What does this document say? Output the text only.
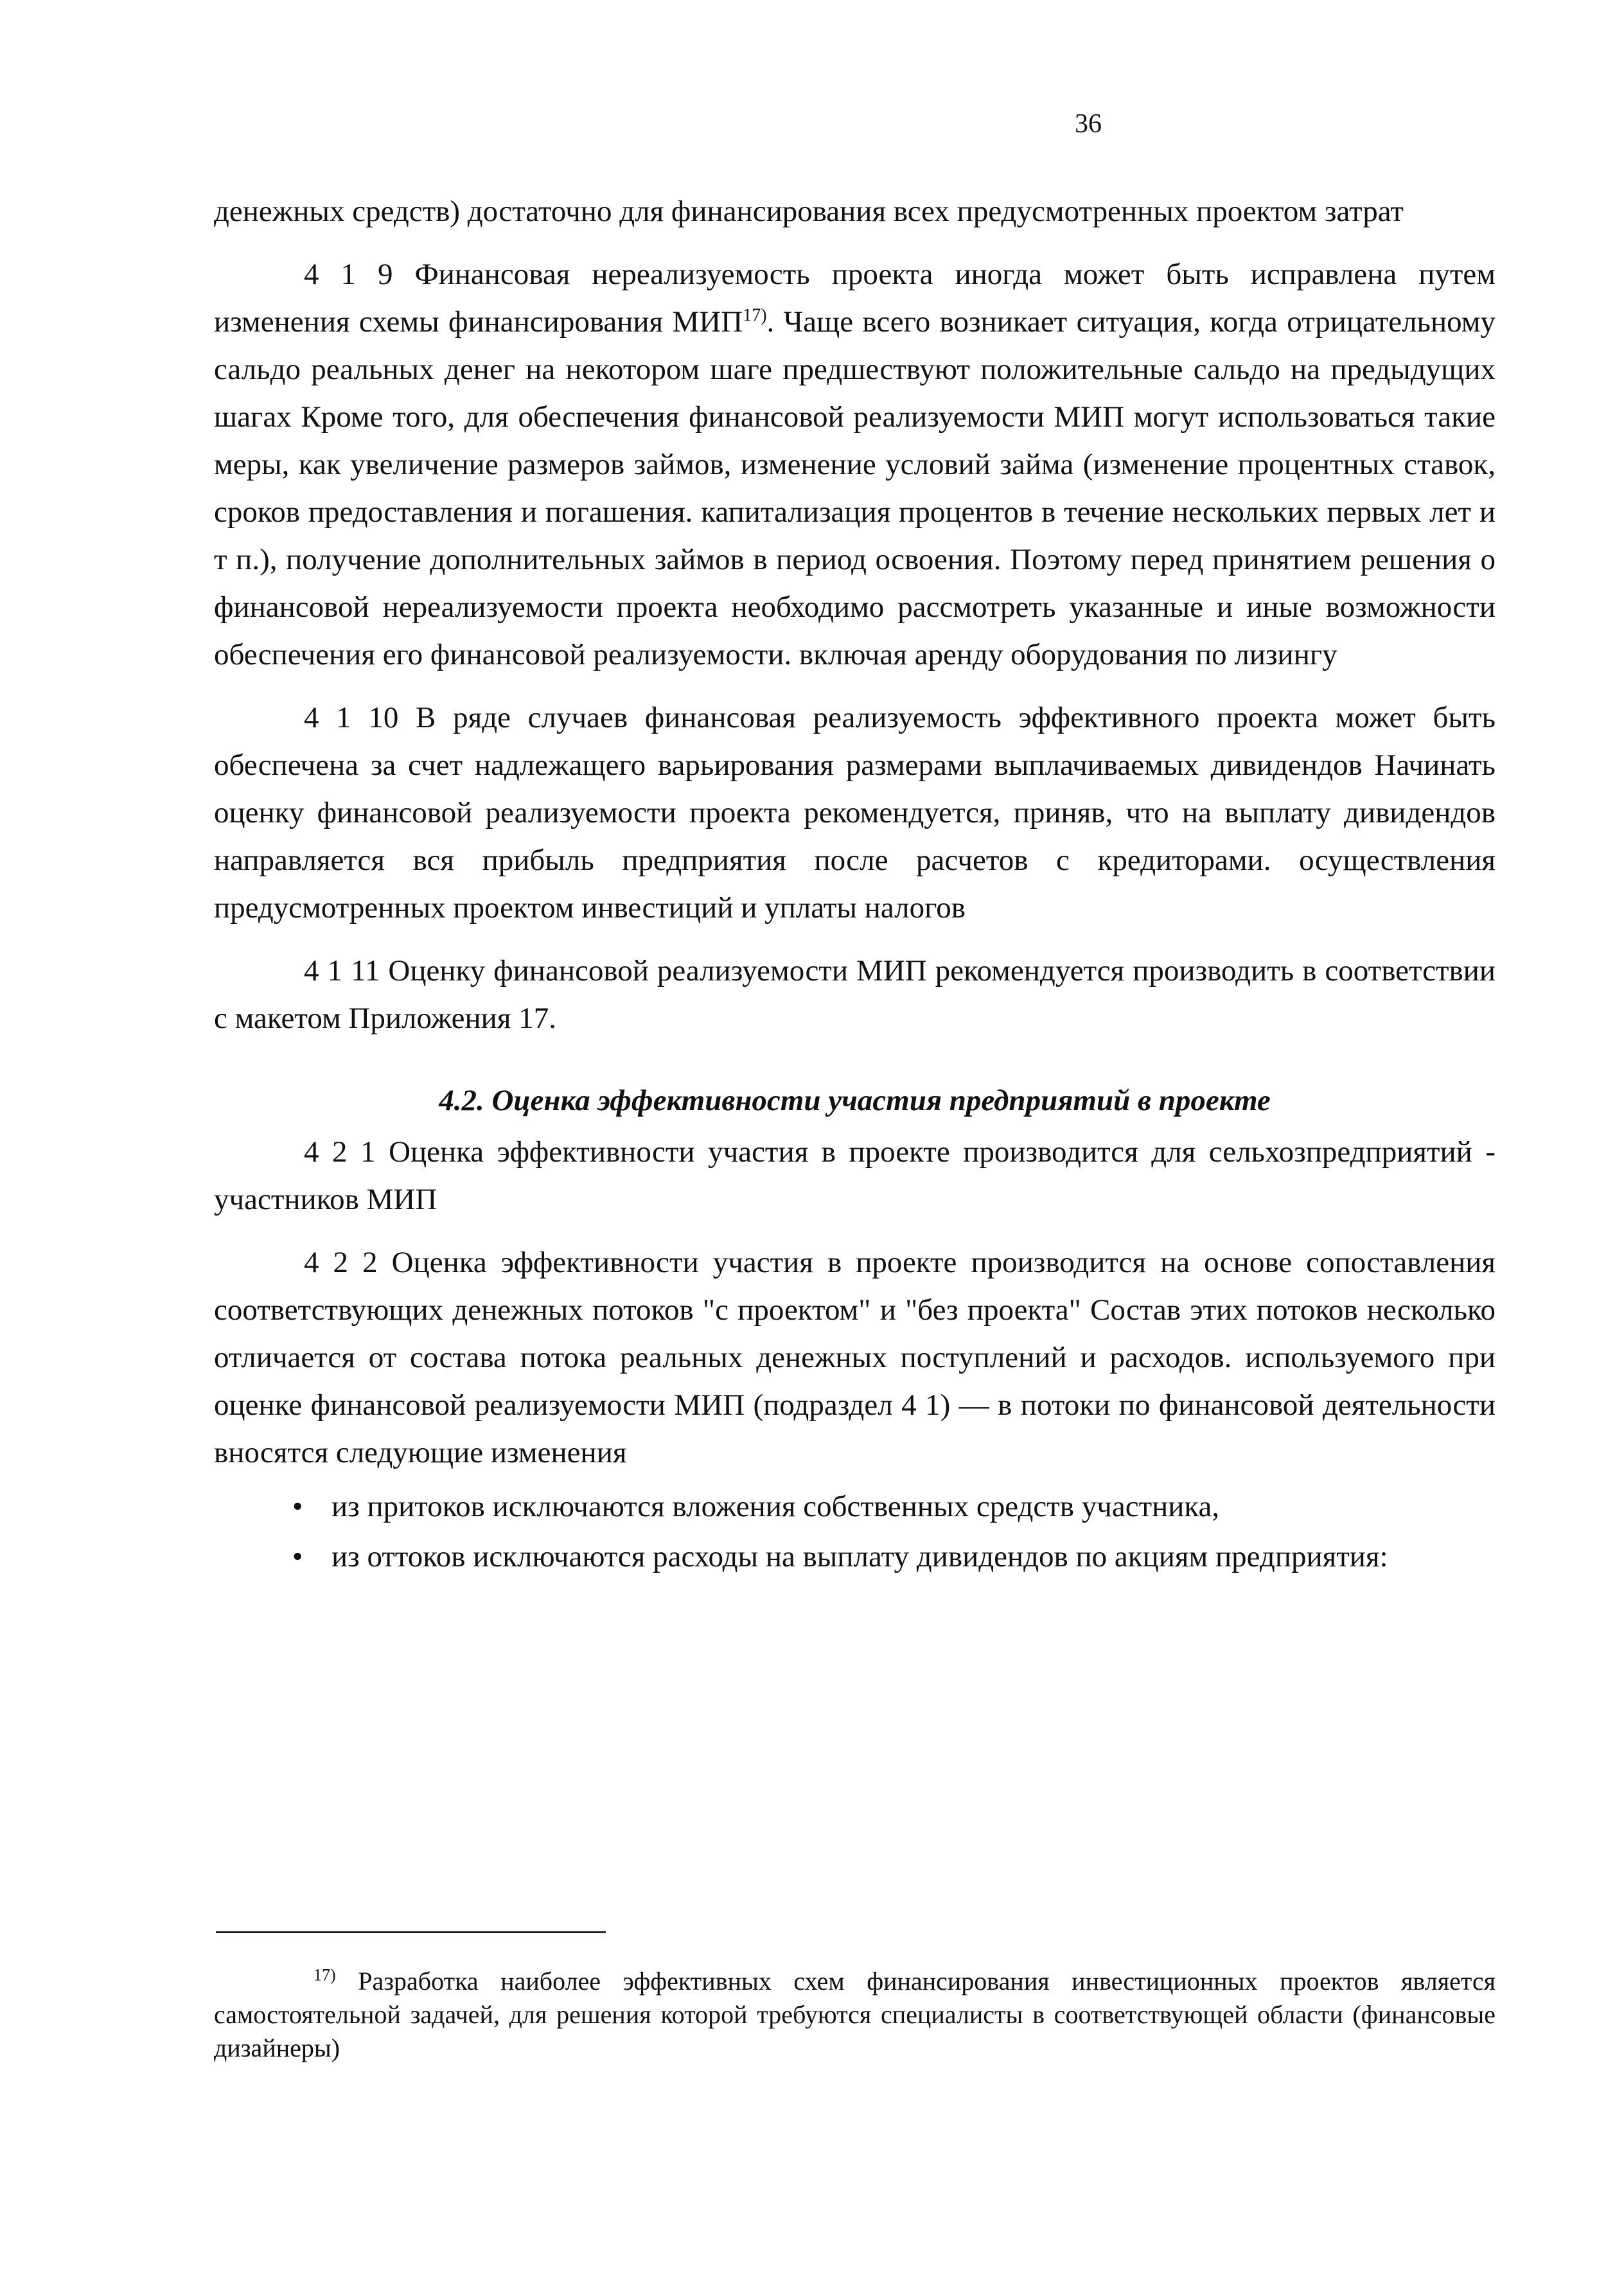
36

денежных средств) достаточно для финансирования всех предусмотренных проектом затрат

4 1 9 Финансовая нереализуемость проекта иногда может быть исправлена путем изменения схемы финансирования МИП$^{17)}$. Чаще всего возникает ситуация, когда отрицательному сальдо реальных денег на некотором шаге предшествуют положительные сальдо на предыдущих шагах Кроме того, для обеспечения финансовой реализуемости МИП могут использоваться такие меры, как увеличение размеров займов, изменение условий займа (изменение процентных ставок, сроков предоставления и погашения. капитализация процентов в течение нескольких первых лет и т п.), получение дополнительных займов в период освоения. Поэтому перед принятием решения о финансовой нереализуемости проекта необходимо рассмотреть указанные и иные возможности обеспечения его финансовой реализуемости. включая аренду оборудования по лизингу

4 1 10 В ряде случаев финансовая реализуемость эффективного проекта может быть обеспечена за счет надлежащего варьирования размерами выплачиваемых дивидендов Начинать оценку финансовой реализуемости проекта рекомендуется, приняв, что на выплату дивидендов направляется вся прибыль предприятия после расчетов с кредиторами. осуществления предусмотренных проектом инвестиций и уплаты налогов

4 1 11 Оценку финансовой реализуемости МИП рекомендуется производить в соответствии с макетом Приложения 17.

4.2. Оценка эффективности участия предприятий в проекте

4 2 1 Оценка эффективности участия в проекте производится для сельхозпредприятий - участников МИП

4 2 2 Оценка эффективности участия в проекте производится на основе сопоставления соответствующих денежных потоков "с проектом" и "без проекта" Состав этих потоков несколько отличается от состава потока реальных денежных поступлений и расходов. используемого при оценке финансовой реализуемости МИП (подраздел 4 1) — в потоки по финансовой деятельности вносятся следующие изменения

• из притоков исключаются вложения собственных средств участника,
• из оттоков исключаются расходы на выплату дивидендов по акциям предприятия:
$^{17)}$ Разработка наиболее эффективных схем финансирования инвестиционных проектов является самостоятельной задачей, для решения которой требуются специалисты в соответствующей области (финансовые дизайнеры)
